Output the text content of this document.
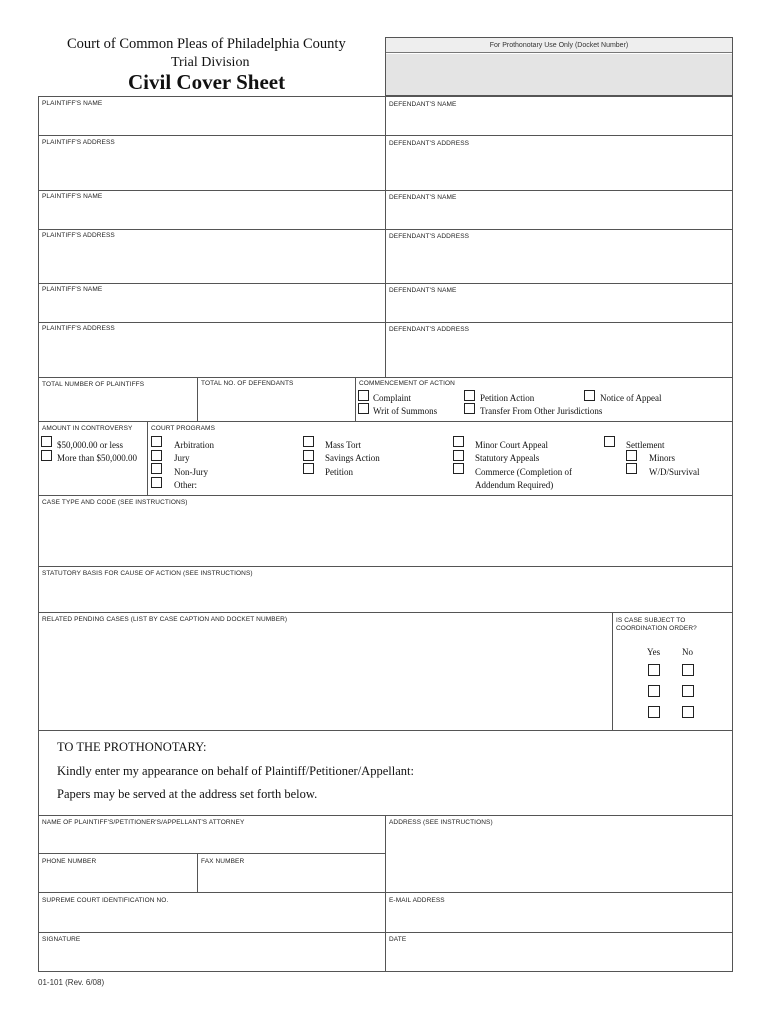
Court of Common Pleas of Philadelphia County
Trial Division
Civil Cover Sheet
For Prothonotary Use Only (Docket Number)
PLAINTIFF'S NAME	DEFENDANT'S NAME
PLAINTIFF'S ADDRESS	DEFENDANT'S ADDRESS
PLAINTIFF'S NAME	DEFENDANT'S NAME
PLAINTIFF'S ADDRESS	DEFENDANT'S ADDRESS
PLAINTIFF'S NAME	DEFENDANT'S NAME
PLAINTIFF'S ADDRESS	DEFENDANT'S ADDRESS
TOTAL NUMBER OF PLAINTIFFS	TOTAL NO. OF DEFENDANTS	COMMENCEMENT OF ACTION
Complaint	Petition Action	Notice of Appeal
Writ of Summons	Transfer From Other Jurisdictions
AMOUNT IN CONTROVERSY
$50,000.00 or less
More than $50,000.00
COURT PROGRAMS
Arbitration
Jury
Non-Jury
Other:
Mass Tort
Savings Action
Petition
Minor Court Appeal
Statutory Appeals
Commerce (Completion of
Addendum Required)
Settlement
Minors
W/D/Survival
CASE TYPE AND CODE (SEE INSTRUCTIONS)
STATUTORY BASIS FOR CAUSE OF ACTION (SEE INSTRUCTIONS)
RELATED PENDING CASES (LIST BY CASE CAPTION AND DOCKET NUMBER)	IS CASE SUBJECT TO
COORDINATION ORDER?
Yes No
TO THE PROTHONOTARY:
Kindly enter my appearance on behalf of Plaintiff/Petitioner/Appellant:
Papers may be served at the address set forth below.
NAME OF PLAINTIFF'S/PETITIONER'S/APPELLANT'S ATTORNEY	ADDRESS (SEE INSTRUCTIONS)
PHONE NUMBER	FAX NUMBER
SUPREME COURT IDENTIFICATION NO.	E-MAIL ADDRESS
SIGNATURE	DATE
01-101 (Rev. 6/08)
